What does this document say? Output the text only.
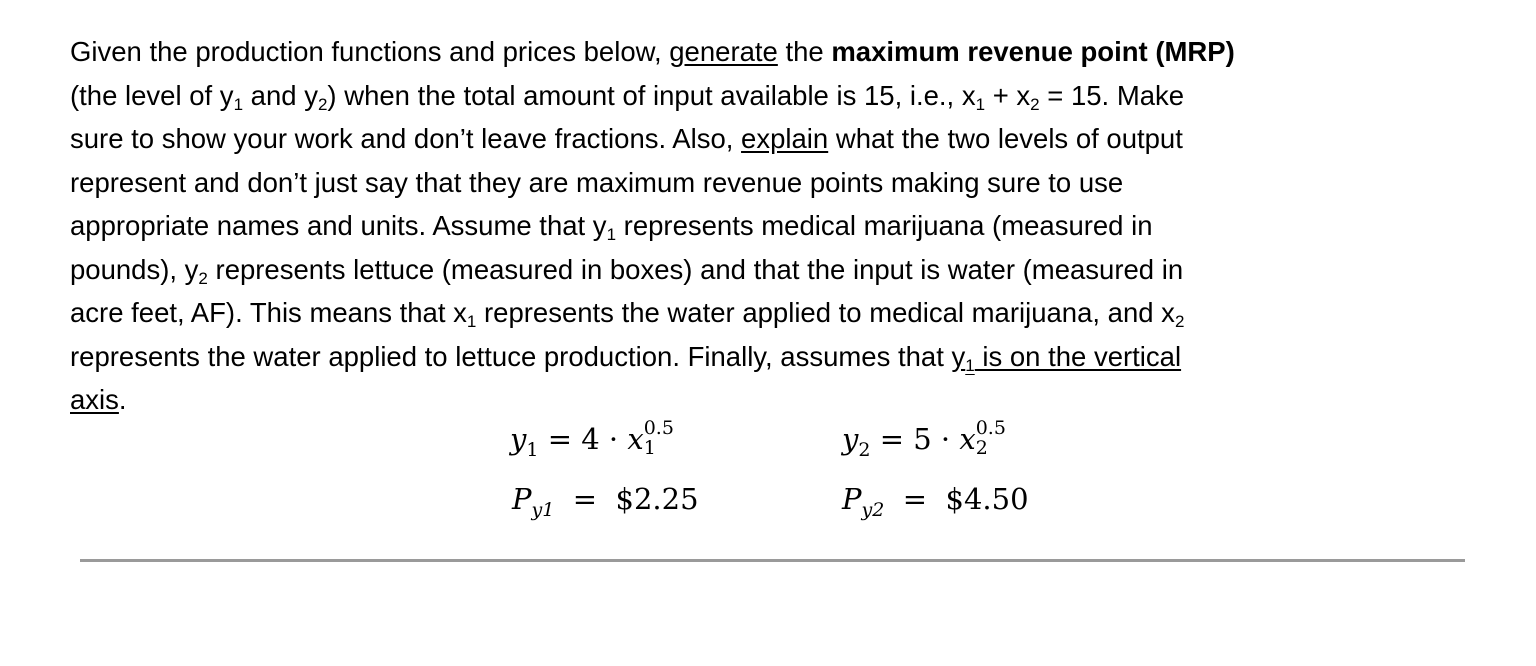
Given the production functions and prices below, generate the maximum revenue point (MRP)
(the level of $y_1$ and $y_2$) when the total amount of input available is 15, i.e., $x_1 + x_2 = 15$. Make
sure to show your work and don’t leave fractions. Also, explain what the two levels of output
represent and don’t just say that they are maximum revenue points making sure to use
appropriate names and units. Assume that $y_1$ represents medical marijuana (measured in
pounds), $y_2$ represents lettuce (measured in boxes) and that the input is water (measured in
acre feet, AF). This means that $x_1$ represents the water applied to medical marijuana, and $x_2$
represents the water applied to lettuce production. Finally, assumes that $y_1$ is on the vertical
axis.
$y_1 = 4 \cdot x$ 0.5
1	$y_2 = 5 \cdot x$ 0.5
2
$P_{y1}$ = $2.25	$P_{y2}$ = $4.50
